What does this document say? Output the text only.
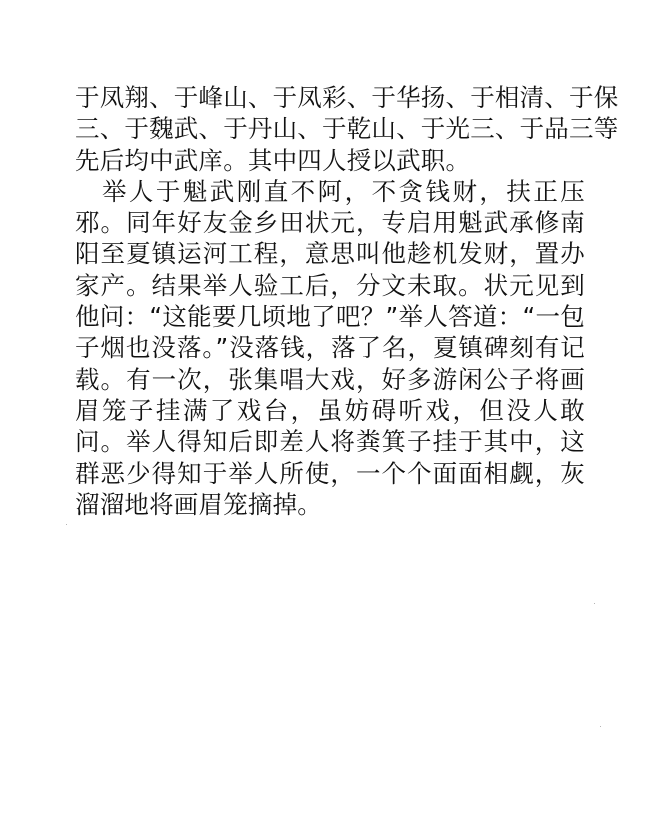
于凤翔、于峰山、于凤彩、于华扬、于相清、于保
三、于魏武、于丹山、于乾山、于光三、于品三等
先后均中武庠。其中四人授以武职。
　举人于魁武刚直不阿，不贪钱财，扶正压
邪。同年好友金乡田状元，专启用魁武承修南
阳至夏镇运河工程，意思叫他趁机发财，置办
家产。结果举人验工后，分文未取。状元见到
他问：“这能要几顷地了吧？”举人答道：“一包
子烟也没落。”没落钱，落了名，夏镇碑刻有记
载。有一次，张集唱大戏，好多游闲公子将画
眉笼子挂满了戏台，虽妨碍听戏，但没人敢
问。举人得知后即差人将粪箕子挂于其中，这
群恶少得知于举人所使，一个个面面相觑，灰
溜溜地将画眉笼摘掉。
